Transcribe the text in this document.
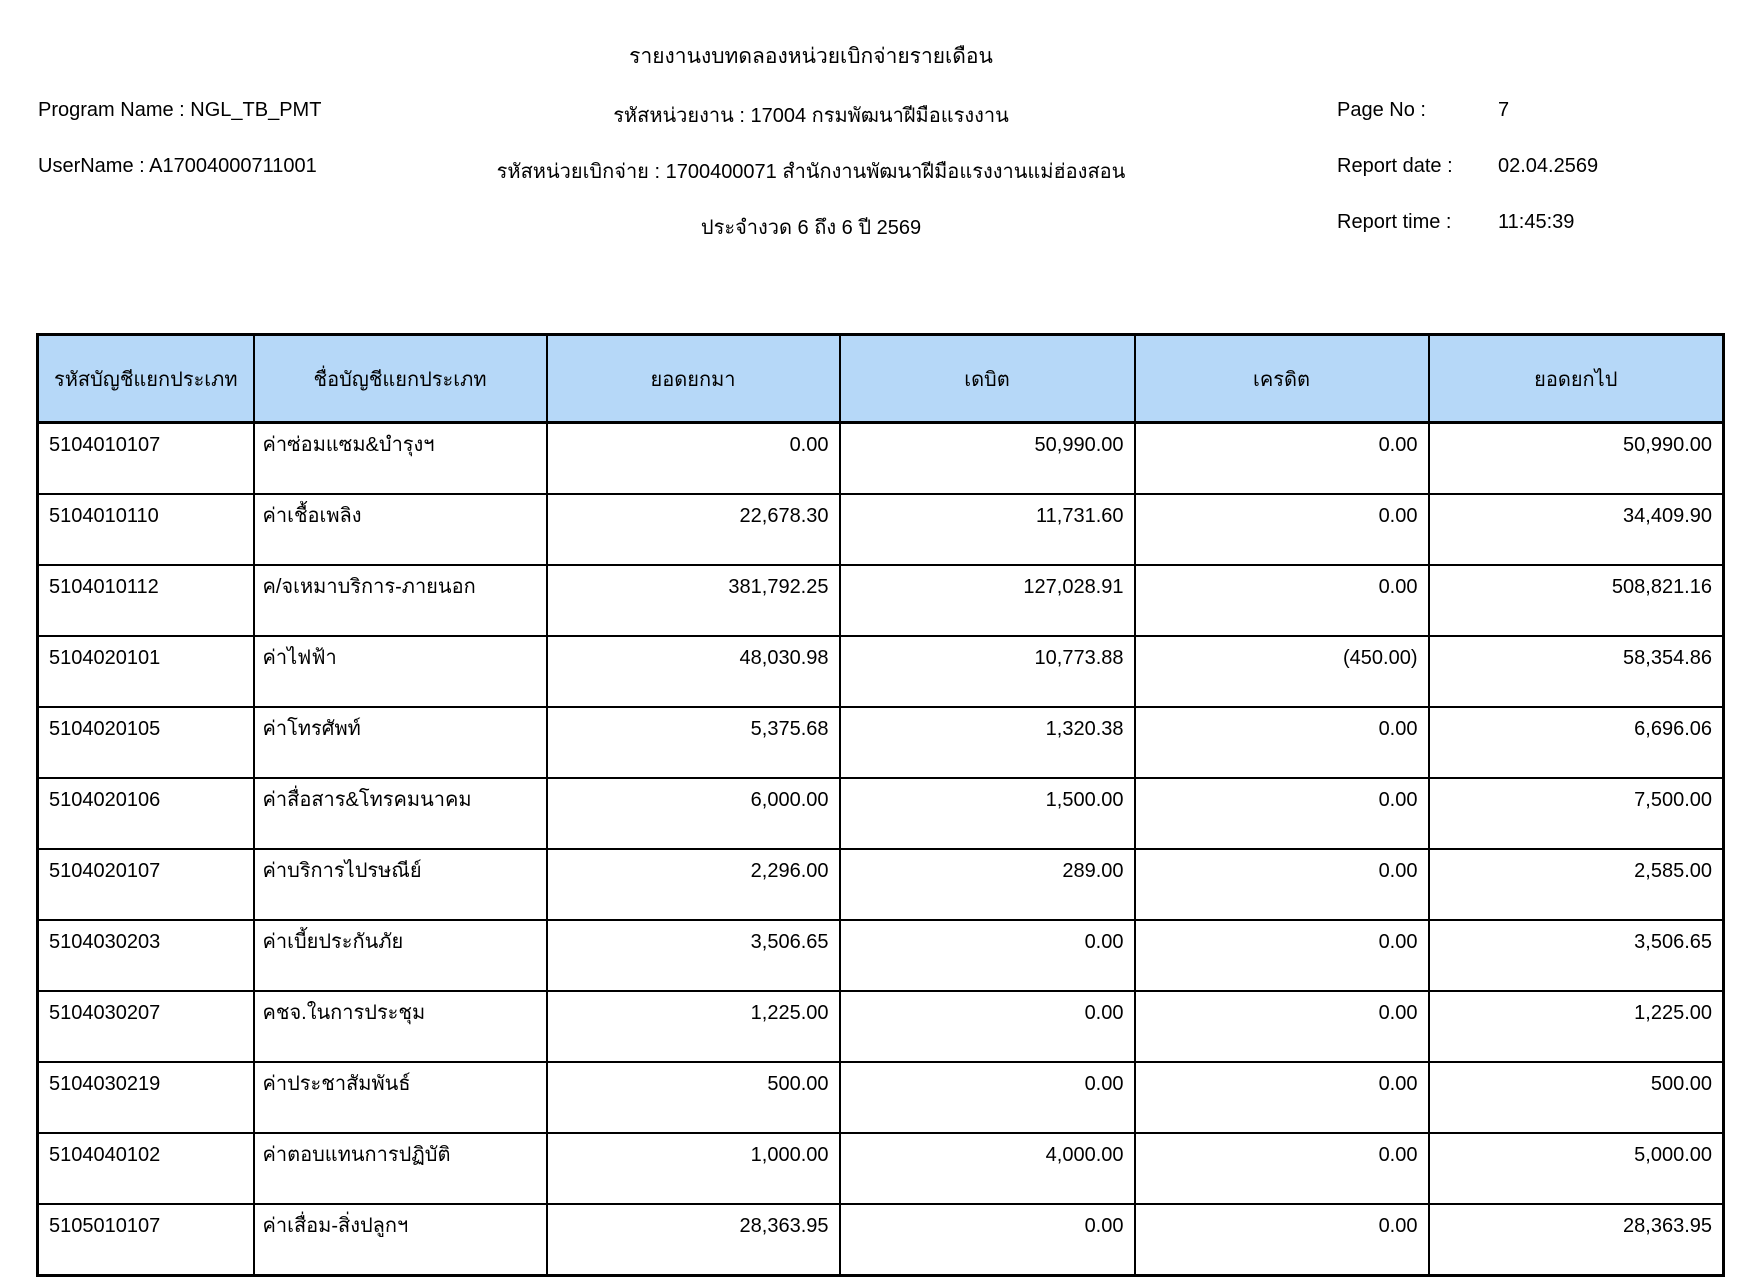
รายงานงบทดลองหน่วยเบิกจ่ายรายเดือน
Program Name : NGL_TB_PMT	รหัสหน่วยงาน : 17004 กรมพัฒนาฝีมือแรงงาน	Page No :	7
UserName : A17004000711001	รหัสหน่วยเบิกจ่าย : 1700400071 สำนักงานพัฒนาฝีมือแรงงานแม่ฮ่องสอน	Report date : 02.04.2569
ประจำงวด 6 ถึง 6 ปี 2569	Report time : 11:45:39
รหัสบัญชีแยกประเภท	ชื่อบัญชีแยกประเภท	ยอดยกมา	เดบิต	เครดิต	ยอดยกไป
5104010107	ค่าซ่อมแซม&บำรุงฯ	0.00	50,990.00	0.00	50,990.00
5104010110	ค่าเชื้อเพลิง	22,678.30	11,731.60	0.00	34,409.90
5104010112	ค/จเหมาบริการ-ภายนอก	381,792.25	127,028.91	0.00	508,821.16
5104020101	ค่าไฟฟ้า	48,030.98	10,773.88	(450.00)	58,354.86
5104020105	ค่าโทรศัพท์	5,375.68	1,320.38	0.00	6,696.06
5104020106	ค่าสื่อสาร&โทรคมนาคม	6,000.00	1,500.00	0.00	7,500.00
5104020107	ค่าบริการไปรษณีย์	2,296.00	289.00	0.00	2,585.00
5104030203	ค่าเบี้ยประกันภัย	3,506.65	0.00	0.00	3,506.65
5104030207	คชจ.ในการประชุม	1,225.00	0.00	0.00	1,225.00
5104030219	ค่าประชาสัมพันธ์	500.00	0.00	0.00	500.00
5104040102	ค่าตอบแทนการปฏิบัติ	1,000.00	4,000.00	0.00	5,000.00
5105010107	ค่าเสื่อม-สิ่งปลูกฯ	28,363.95	0.00	0.00	28,363.95
